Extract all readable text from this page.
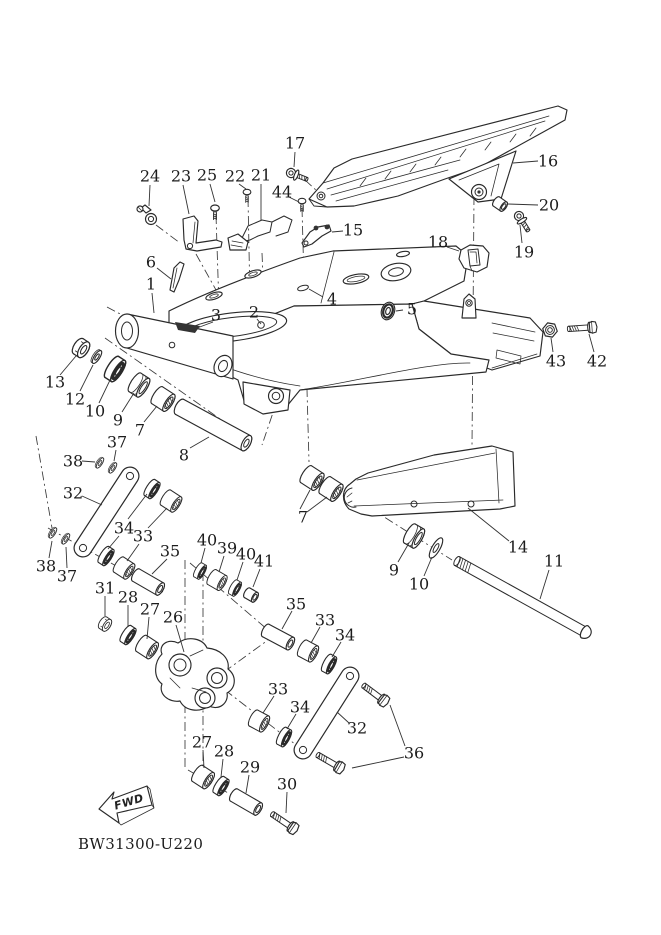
FWD
BW31300-U220
17
24 23 25 22 21
44
16
20
19
18
15
6
1
3 2
4
5
43 42
13
12
10 9
7
8
37
38
32
34
33
35
40 39
40
41
38
37
31 28
27 26
35
33
34
9
10
14
11
7
33
34
32
36
27 28
29
30
